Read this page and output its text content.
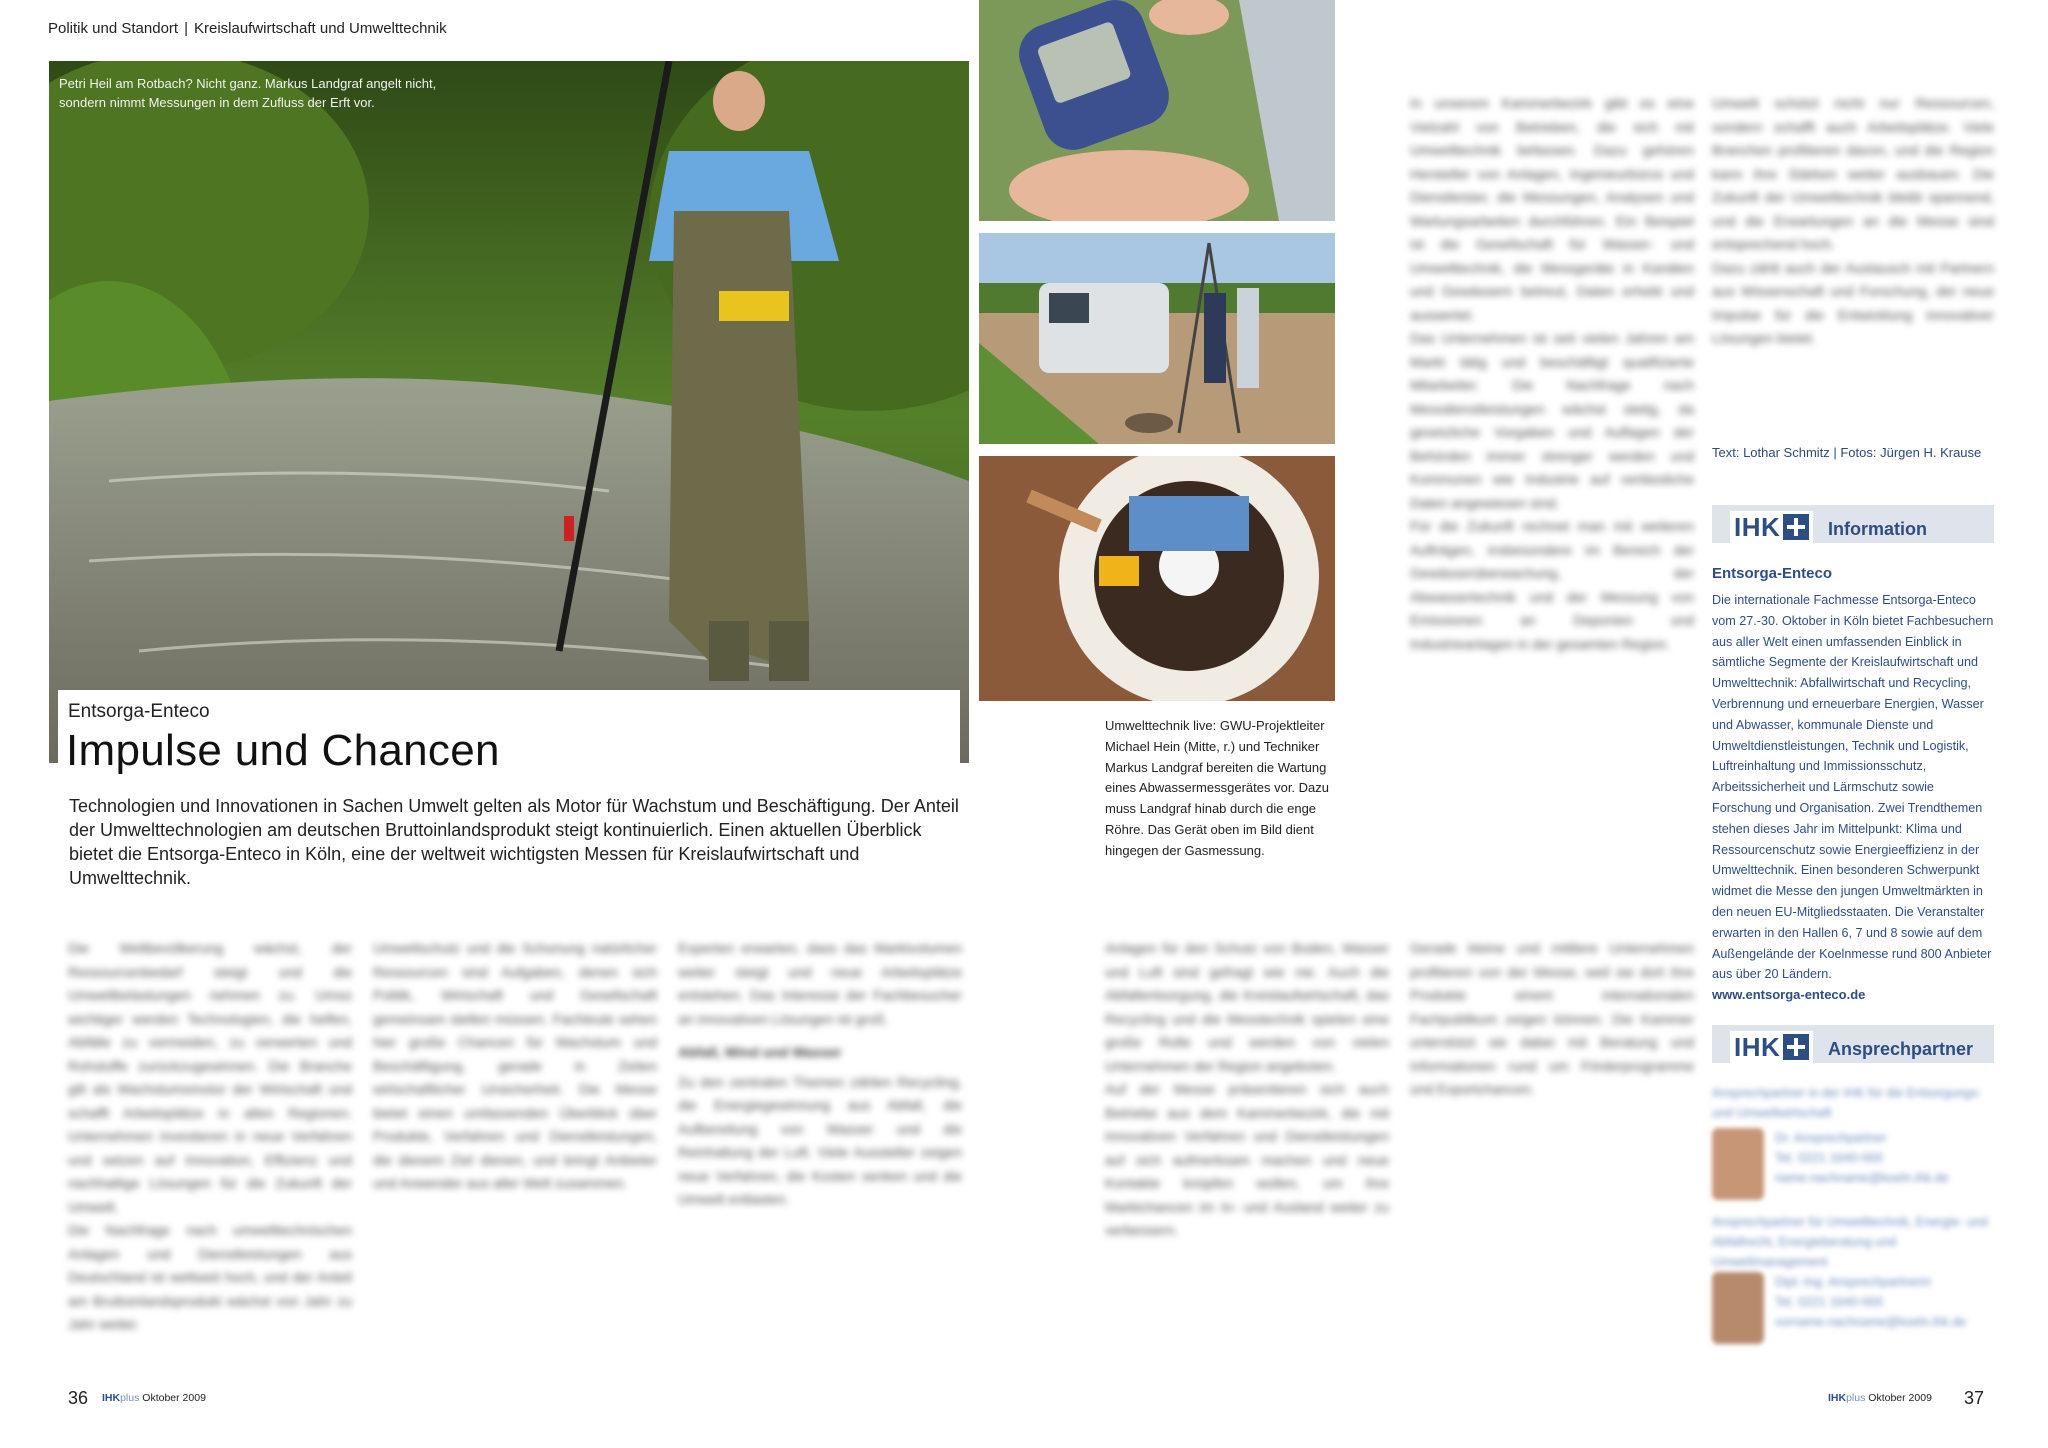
Politik und Standort | Kreislaufwirtschaft und Umwelttechnik
Petri Heil am Rotbach? Nicht ganz. Markus Landgraf angelt nicht, sondern nimmt Messungen in dem Zufluss der Erft vor.
Entsorga-Enteco
Impulse und Chancen
Technologien und Innovationen in Sachen Umwelt gelten als Motor für Wachstum und Beschäftigung. Der Anteil der Umwelttechnologien am deutschen Bruttoinlandsprodukt steigt kontinuierlich. Einen aktuellen Überblick bietet die Entsorga-Enteco in Köln, eine der weltweit wichtigsten Messen für Kreislaufwirtschaft und Umwelttechnik.

Die Weltbevölkerung wächst, der Ressourcenbedarf steigt und die Umweltbelastungen nehmen zu. Umso wichtiger werden Technologien, die helfen, Abfälle zu vermeiden, zu verwerten und Rohstoffe zurückzugewinnen. Die Branche gilt als Wachstumsmotor der Wirtschaft und schafft Arbeitsplätze in allen Regionen. Unternehmen investieren in neue Verfahren und setzen auf Innovation, Effizienz und nachhaltige Lösungen für die Zukunft der Umwelt.

Die Nachfrage nach umwelttechnischen Anlagen und Dienstleistungen aus Deutschland ist weltweit hoch, und der Anteil am Bruttoinlandsprodukt wächst von Jahr zu Jahr weiter.

Umweltschutz und die Schonung natürlicher Ressourcen sind Aufgaben, denen sich Politik, Wirtschaft und Gesellschaft gemeinsam stellen müssen. Fachleute sehen hier große Chancen für Wachstum und Beschäftigung, gerade in Zeiten wirtschaftlicher Unsicherheit. Die Messe bietet einen umfassenden Überblick über Produkte, Verfahren und Dienstleistungen, die diesem Ziel dienen, und bringt Anbieter und Anwender aus aller Welt zusammen.

Experten erwarten, dass das Marktvolumen weiter steigt und neue Arbeitsplätze entstehen. Das Interesse der Fachbesucher an innovativen Lösungen ist groß.

Abfall, Wind und Wasser

Zu den zentralen Themen zählen Recycling, die Energiegewinnung aus Abfall, die Aufbereitung von Wasser und die Reinhaltung der Luft. Viele Aussteller zeigen neue Verfahren, die Kosten senken und die Umwelt entlasten.

Umwelttechnik live: GWU-Projektleiter Michael Hein (Mitte, r.) und Techniker Markus Landgraf bereiten die Wartung eines Abwassermessgerätes vor. Dazu muss Landgraf hinab durch die enge Röhre. Das Gerät oben im Bild dient hingegen der Gasmessung.

Anlagen für den Schutz von Boden, Wasser und Luft sind gefragt wie nie. Auch die Abfallentsorgung, die Kreislaufwirtschaft, das Recycling und die Messtechnik spielen eine große Rolle und werden von vielen Unternehmen der Region angeboten.

Auf der Messe präsentieren sich auch Betriebe aus dem Kammerbezirk, die mit innovativen Verfahren und Dienstleistungen auf sich aufmerksam machen und neue Kontakte knüpfen wollen, um ihre Marktchancen im In- und Ausland weiter zu verbessern.

In unserem Kammerbezirk gibt es eine Vielzahl von Betrieben, die sich mit Umwelttechnik befassen. Dazu gehören Hersteller von Anlagen, Ingenieurbüros und Dienstleister, die Messungen, Analysen und Wartungsarbeiten durchführen. Ein Beispiel ist die Gesellschaft für Wasser- und Umwelttechnik, die Messgeräte in Kanälen und Gewässern betreut, Daten erhebt und auswertet.

Das Unternehmen ist seit vielen Jahren am Markt tätig und beschäftigt qualifizierte Mitarbeiter. Die Nachfrage nach Messdienstleistungen wächst stetig, da gesetzliche Vorgaben und Auflagen der Behörden immer strenger werden und Kommunen wie Industrie auf verlässliche Daten angewiesen sind.

Für die Zukunft rechnet man mit weiteren Aufträgen, insbesondere im Bereich der Gewässerüberwachung, der Abwassertechnik und der Messung von Emissionen an Deponien und Industrieanlagen in der gesamten Region.

Gerade kleine und mittlere Unternehmen profitieren von der Messe, weil sie dort ihre Produkte einem internationalen Fachpublikum zeigen können. Die Kammer unterstützt sie dabei mit Beratung und Informationen rund um Förderprogramme und Exportchancen.

Umwelt schützt nicht nur Ressourcen, sondern schafft auch Arbeitsplätze. Viele Branchen profitieren davon, und die Region kann ihre Stärken weiter ausbauen. Die Zukunft der Umwelttechnik bleibt spannend, und die Erwartungen an die Messe sind entsprechend hoch.

Dazu zählt auch der Austausch mit Partnern aus Wissenschaft und Forschung, der neue Impulse für die Entwicklung innovativer Lösungen bietet.

Text: Lothar Schmitz | Fotos: Jürgen H. Krause
IHK	Information
Entsorga-Enteco
Die internationale Fachmesse Entsorga-Enteco vom 27.-30. Oktober in Köln bietet Fachbesuchern aus aller Welt einen umfassenden Einblick in sämtliche Segmente der Kreislaufwirtschaft und Umwelttechnik: Abfallwirtschaft und Recycling, Verbrennung und erneuerbare Energien, Wasser und Abwasser, kommunale Dienste und Umweltdienstleistungen, Technik und Logistik, Luftreinhaltung und Immissionsschutz, Arbeitssicherheit und Lärmschutz sowie Forschung und Organisation. Zwei Trendthemen stehen dieses Jahr im Mittelpunkt: Klima und Ressourcenschutz sowie Energieeffizienz in der Umwelttechnik. Einen besonderen Schwerpunkt widmet die Messe den jungen Umweltmärkten in den neuen EU-Mitgliedsstaaten. Die Veranstalter erwarten in den Hallen 6, 7 und 8 sowie auf dem Außengelände der Koelnmesse rund 800 Anbieter aus über 20 Ländern.
www.entsorga-enteco.de
IHK	Ansprechpartner
Ansprechpartner in der IHK für die Entsorgungs- und Umweltwirtschaft
Dr. Ansprechpartner
Tel. 0221 1640-000
name.nachname@koeln.ihk.de
Ansprechpartner für Umwelttechnik, Energie- und Abfallrecht, Energieberatung und Umweltmanagement
Dipl.-Ing. Ansprechpartnerin
Tel. 0221 1640-000
vorname.nachname@koeln.ihk.de
36 IHKplus Oktober 2009	IHKplus Oktober 2009 37
